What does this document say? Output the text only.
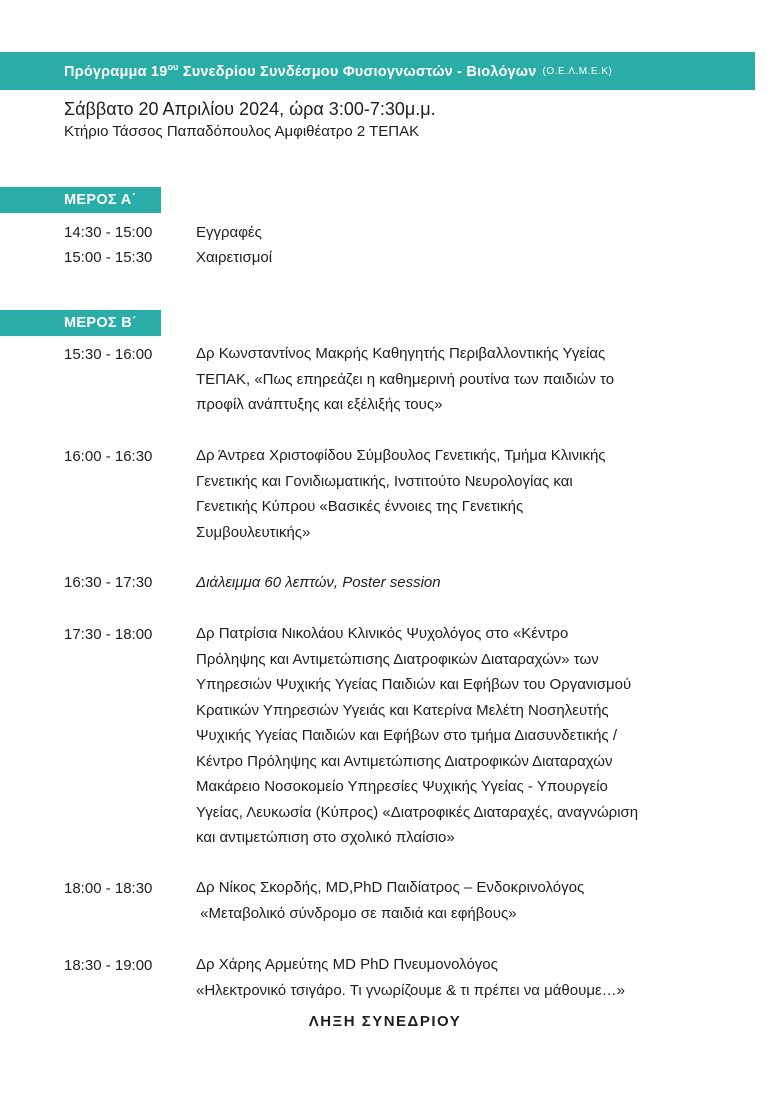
Πρόγραμμα $19^{o\upsilon}$ Συνεδρίου Συνδέσμου Φυσιογνωστών - Βιολόγων (Ο.Ε.Λ.Μ.Ε.Κ)
Σάββατο 20 Απριλίου 2024, ώρα 3:00-7:30μ.μ.
Κτήριο Τάσσος Παπαδόπουλος Αμφιθέατρο 2 ΤΕΠΑΚ
ΜΕΡΟΣ Α΄
14:30 - 15:00	Εγγραφές
15:00 - 15:30	Χαιρετισμοί
ΜΕΡΟΣ Β΄
15:30 - 16:00	Δρ Κωνσταντίνος Μακρής Καθηγητής Περιβαλλοντικής Υγείας
ΤΕΠΑΚ, «Πως επηρεάζει η καθημερινή ρουτίνα των παιδιών το
προφίλ ανάπτυξης και εξέλιξής τους»
16:00 - 16:30	Δρ Άντρεα Χριστοφίδου Σύμβουλος Γενετικής, Τμήμα Κλινικής
Γενετικής και Γονιδιωματικής, Ινστιτούτο Νευρολογίας και
Γενετικής Κύπρου «Βασικές έννοιες της Γενετικής
Συμβουλευτικής»
16:30 - 17:30	Διάλειμμα 60 λεπτών, Poster session
17:30 - 18:00	Δρ Πατρίσια Νικολάου Κλινικός Ψυχολόγος στο «Κέντρο
Πρόληψης και Αντιμετώπισης Διατροφικών Διαταραχών» των
Υπηρεσιών Ψυχικής Υγείας Παιδιών και Εφήβων του Οργανισμού
Κρατικών Υπηρεσιών Υγειάς και Κατερίνα Μελέτη Νοσηλευτής
Ψυχικής Υγείας Παιδιών και Εφήβων στο τμήμα Διασυνδετικής /
Κέντρο Πρόληψης και Αντιμετώπισης Διατροφικών Διαταραχών
Μακάρειο Νοσοκομείο Υπηρεσίες Ψυχικής Υγείας - Υπουργείο
Υγείας, Λευκωσία (Κύπρος) «Διατροφικές Διαταραχές, αναγνώριση
και αντιμετώπιση στο σχολικό πλαίσιο»
18:00 - 18:30	Δρ Νίκος Σκορδής, MD,PhD Παιδίατρος – Ενδοκρινολόγος
«Μεταβολικό σύνδρομο σε παιδιά και εφήβους»
18:30 - 19:00	Δρ Χάρης Αρμεύτης MD PhD Πνευμονολόγος
«Ηλεκτρονικό τσιγάρο. Τι γνωρίζουμε & τι πρέπει να μάθουμε…»
ΛΗΞΗ ΣΥΝΕΔΡΙΟΥ
